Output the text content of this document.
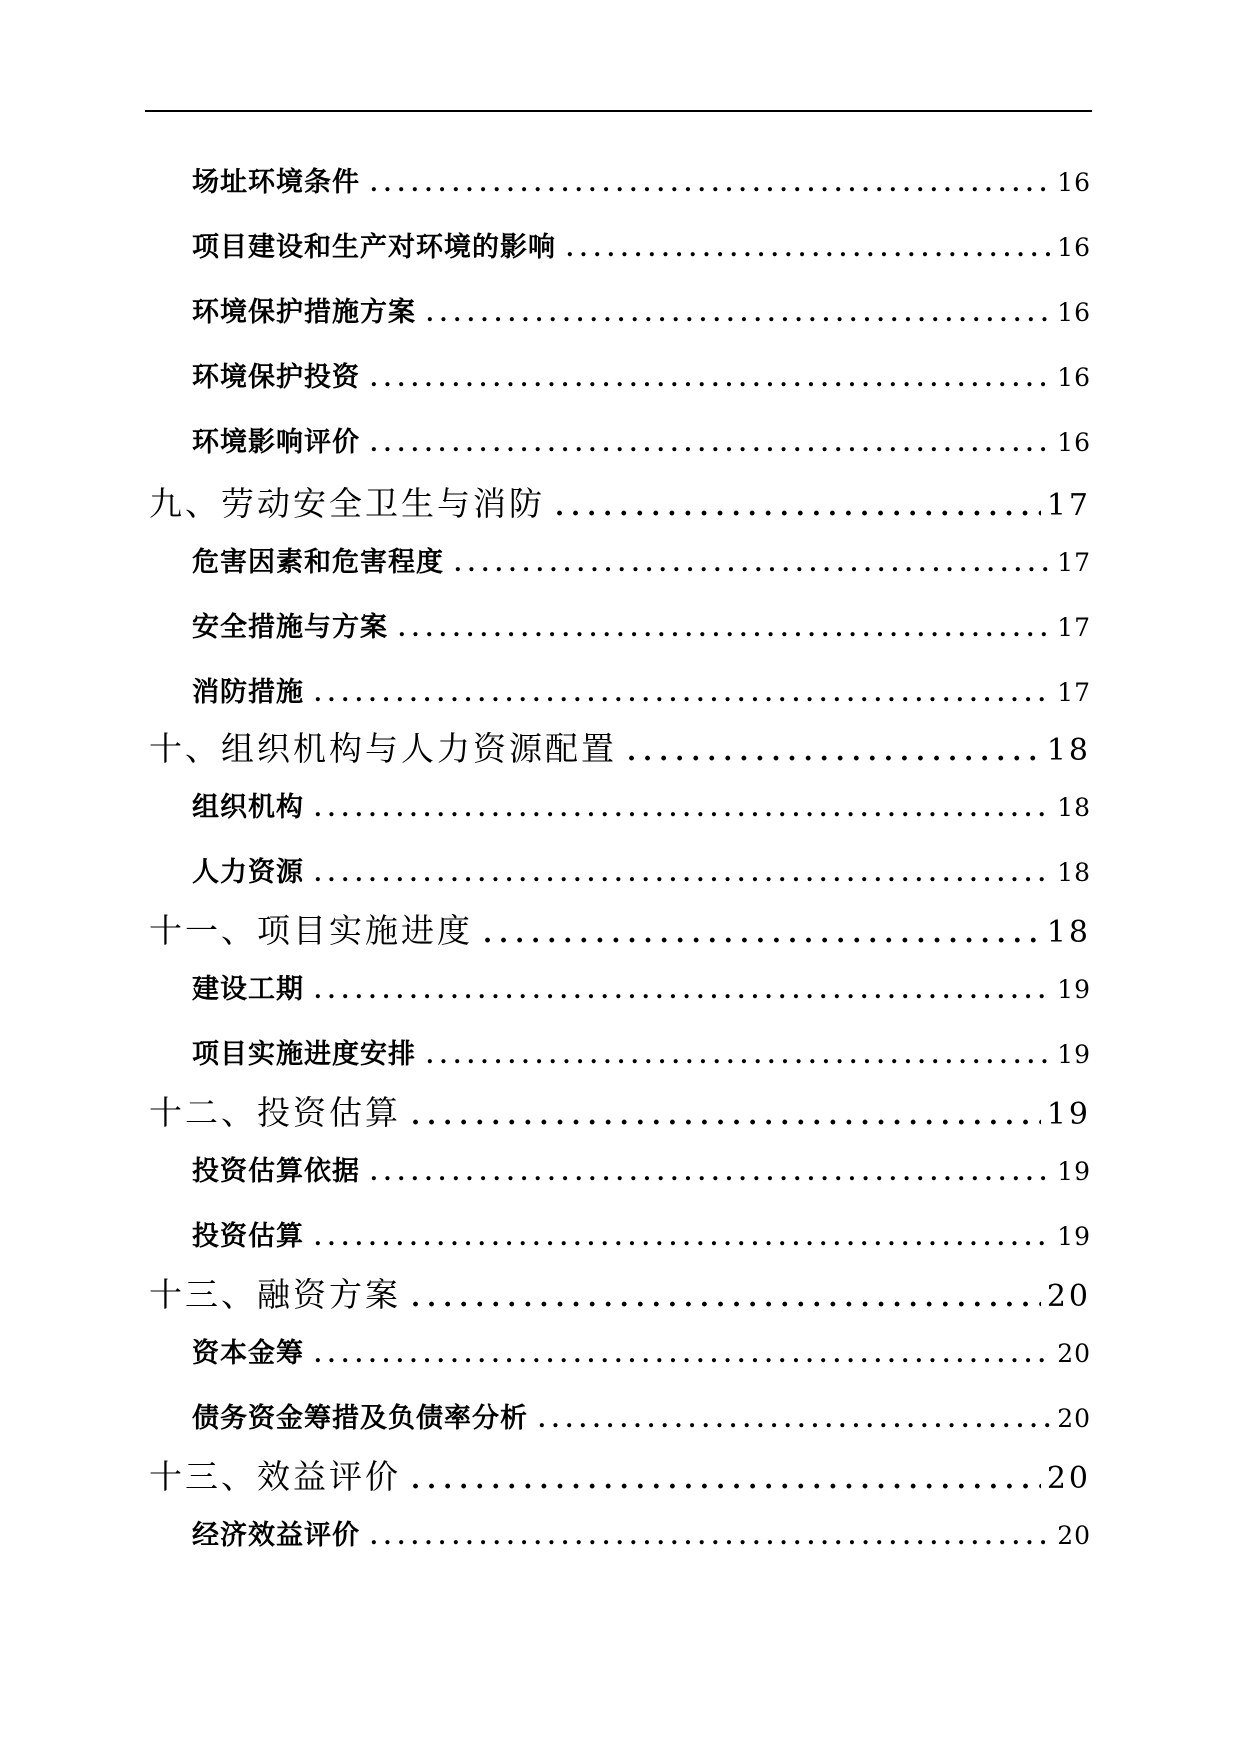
场址环境条件 .....	16
项目建设和生产对环境的影响 .....	16
环境保护措施方案 .....	16
环境保护投资 .....	16
环境影响评价 .....	16
九、劳动安全卫生与消防 .....	17
危害因素和危害程度 .....	17
安全措施与方案 .....	17
消防措施 .....	17
十、组织机构与人力资源配置 .....	18
组织机构 .....	18
人力资源 .....	18
十一、项目实施进度 .....	18
建设工期 .....	19
项目实施进度安排 .....	19
十二、投资估算 .....	19
投资估算依据 .....	19
投资估算 .....	19
十三、融资方案 .....	20
资本金筹 .....	20
债务资金筹措及负债率分析 .....	20
十三、效益评价 .....	20
经济效益评价 .....	20
